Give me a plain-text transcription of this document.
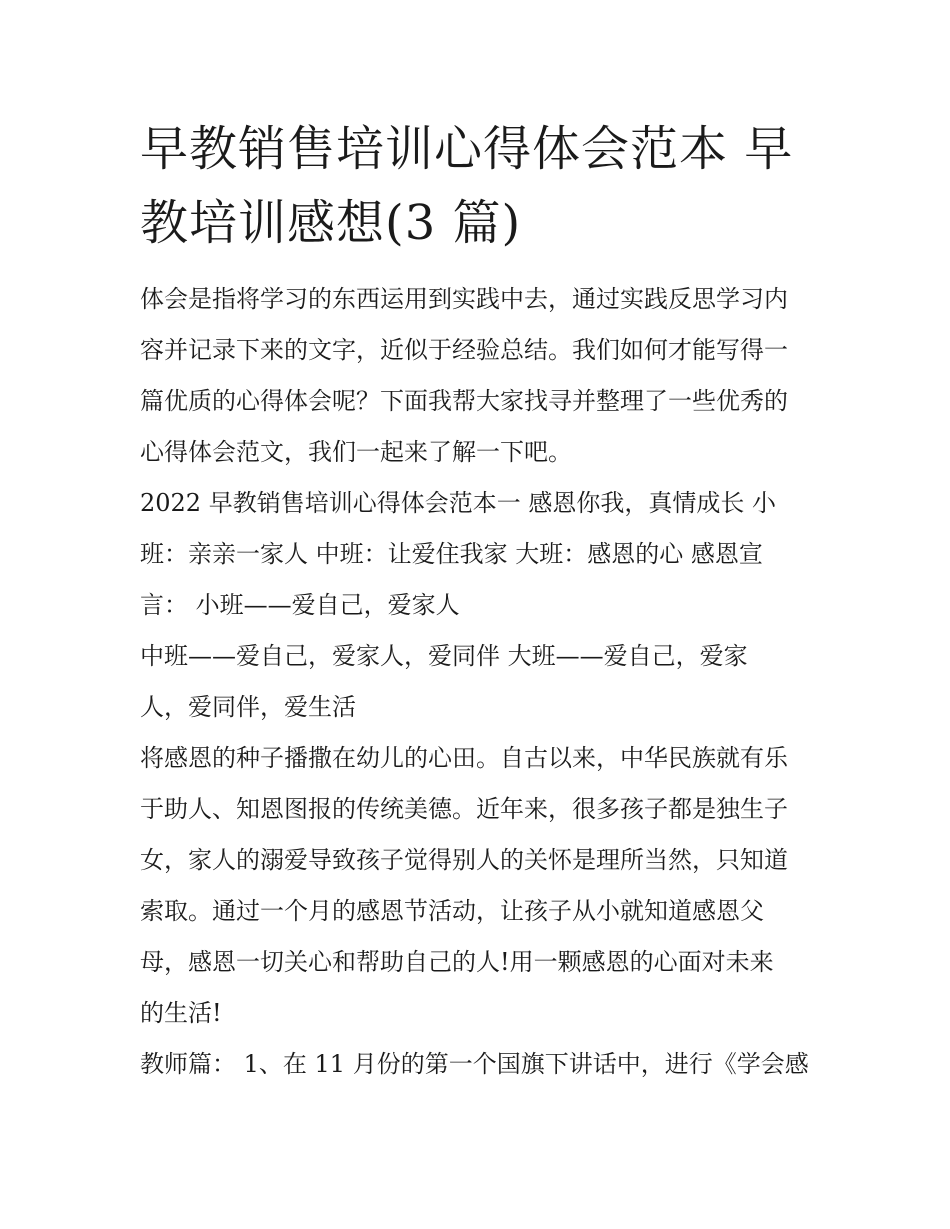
早教销售培训心得体会范本 早
教培训感想(3 篇)

体会是指将学习的东西运用到实践中去，通过实践反思学习内
容并记录下来的文字，近似于经验总结。我们如何才能写得一
篇优质的心得体会呢？下面我帮大家找寻并整理了一些优秀的
心得体会范文，我们一起来了解一下吧。

2022 早教销售培训心得体会范本一 感恩你我，真情成长 小
班：亲亲一家人 中班：让爱住我家 大班：感恩的心 感恩宣
言： 小班——爱自己，爱家人

中班——爱自己，爱家人，爱同伴 大班——爱自己，爱家
人，爱同伴，爱生活

将感恩的种子播撒在幼儿的心田。自古以来，中华民族就有乐
于助人、知恩图报的传统美德。近年来，很多孩子都是独生子
女，家人的溺爱导致孩子觉得别人的关怀是理所当然，只知道
索取。通过一个月的感恩节活动，让孩子从小就知道感恩父
母，感恩一切关心和帮助自己的人!用一颗感恩的心面对未来
的生活!

教师篇： 1、在 11 月份的第一个国旗下讲话中，进行《学会感
